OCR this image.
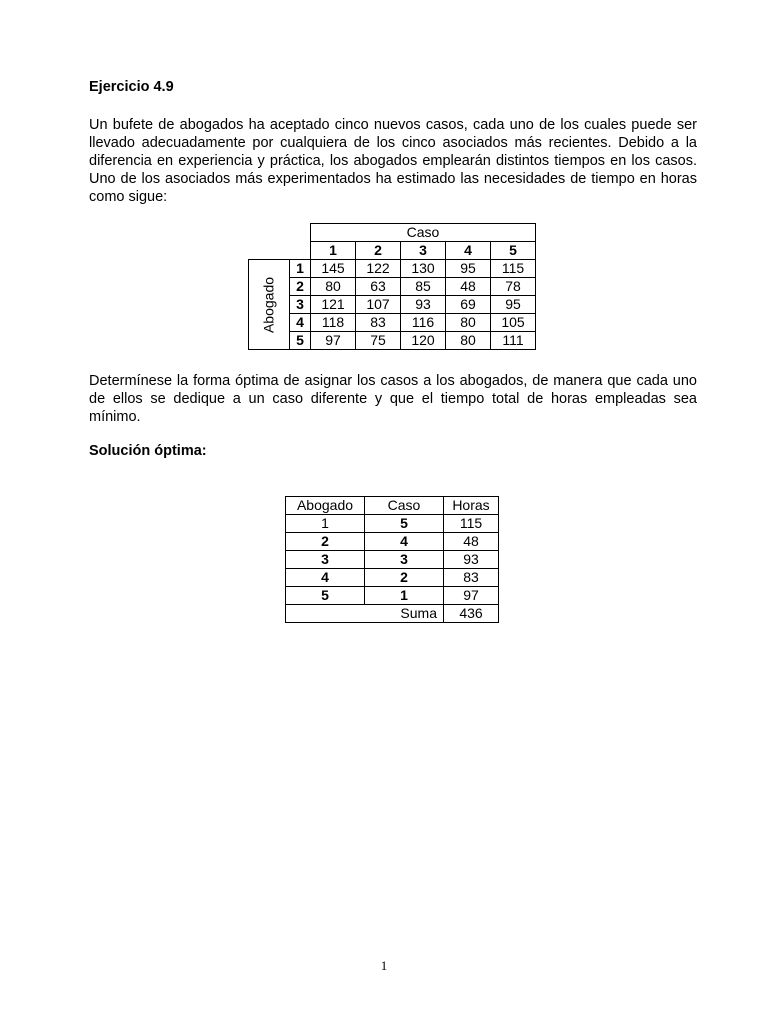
Ejercicio 4.9
Un bufete de abogados ha aceptado cinco nuevos casos, cada uno de los cuales puede ser
llevado adecuadamente por cualquiera de los cinco asociados más recientes. Debido a la
diferencia en experiencia y práctica, los abogados emplearán distintos tiempos en los casos.
Uno de los asociados más experimentados ha estimado las necesidades de tiempo en horas
como sigue:
		Caso				
		1	2	3	4	5

Abogado	1	145	122	130	95	115
	2	80	63	85	48	78
	3	121	107	93	69	95
	4	118	83	116	80	105
	5	97	75	120	80	111
Determínese la forma óptima de asignar los casos a los abogados, de manera que cada uno
de ellos se dedique a un caso diferente y que el tiempo total de horas empleadas sea
mínimo.
Solución óptima:
Abogado	Caso	Horas
1	5	115
2	4	48
3	3	93
4	2	83
5	1	97
Suma		436
1
